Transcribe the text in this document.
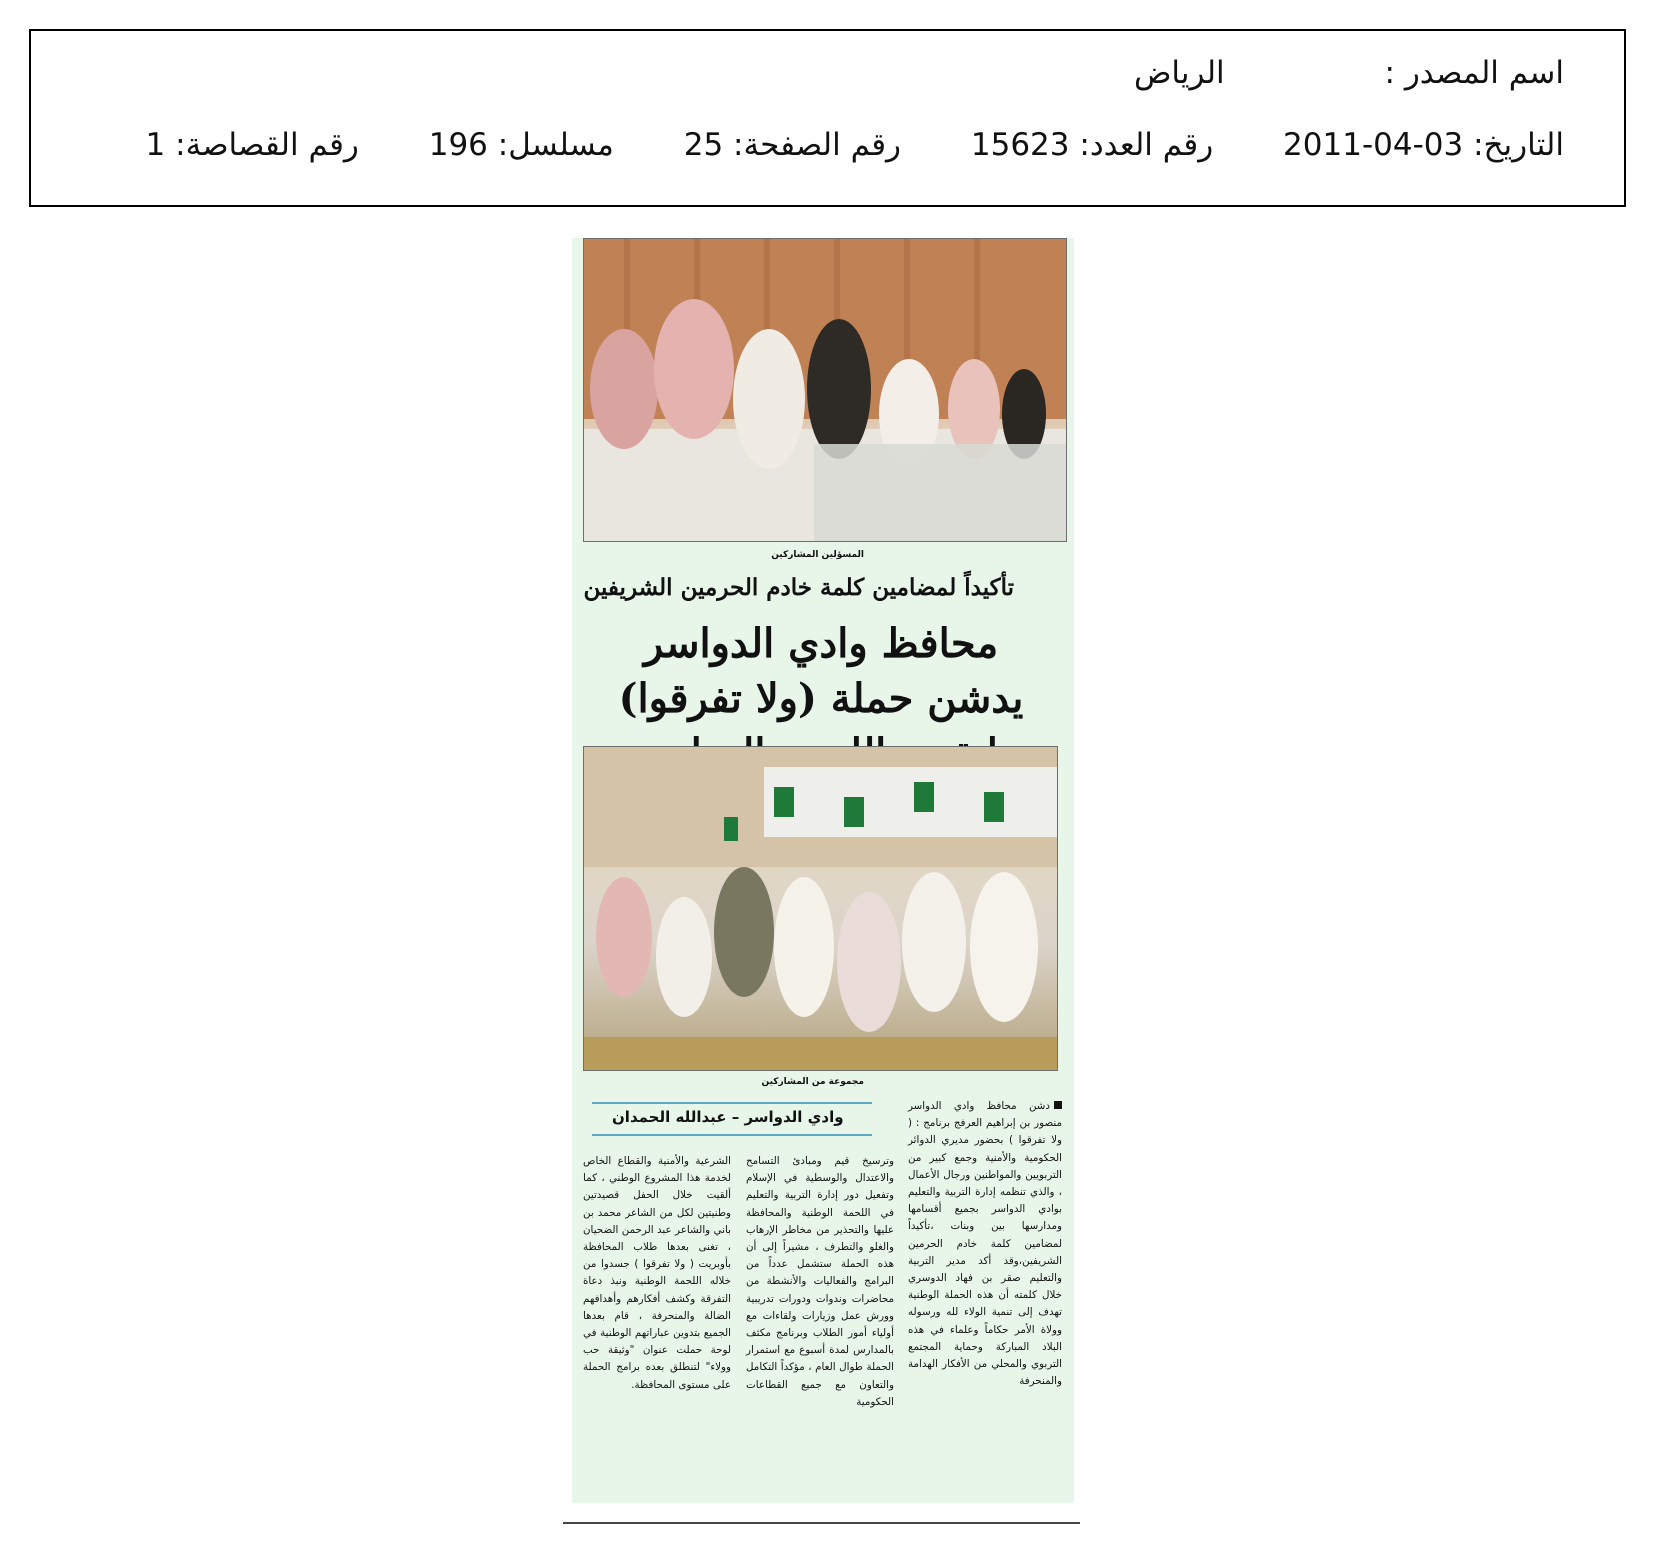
اسم المصدر : الرياض
التاريخ: 2011-04-03 رقم العدد: 15623 رقم الصفحة: 25 مسلسل: 196 رقم القصاصة: 1
المسؤلين المشاركين
تأكيداً لمضامين كلمة خادم الحرمين الشريفين
محافظ وادي الدواسر يدشن حملة (ولا تفرقوا)
مجموعة من المشاركين
وادي الدواسر – عبدالله الحمدان
دشن محافظ وادي الدواسر منصور بن إبراهيم العرفج برنامج : ( ولا تفرقوا ) بحضور مديري الدوائر الحكومية والأمنية وجمع كبير من التربويين والمواطنين ورجال الأعمال ، والذي تنظمه إدارة التربية والتعليم بوادي الدواسر بجميع أقسامها ومدارسها بين وبنات ،تأكيداً لمضامين كلمة خادم الحرمين الشريفين،وقد أكد مدير التربية والتعليم صقر بن فهاد الدوسري خلال كلمته أن هذه الحملة الوطنية تهدف إلى تنمية الولاء لله ورسوله وولاة الأمر حكاماً وعلماء في هذه البلاد المباركة وحماية المجتمع التربوي والمحلي من الأفكار الهدامة والمنحرفة
وترسيخ قيم ومبادئ التسامح والاعتدال والوسطية في الإسلام وتفعيل دور إدارة التربية والتعليم في اللحمة الوطنية والمحافظة عليها والتحذير من مخاطر الإرهاب والغلو والتطرف ، مشيراً إلى أن هذه الحملة ستشمل عدداً من البرامج والفعاليات والأنشطة من محاضرات وندوات ودورات تدريبية وورش عمل وزيارات ولقاءات مع أولياء أمور الطلاب وبرنامج مكثف بالمدارس لمدة أسبوع مع استمرار الحملة طوال العام ، مؤكداً التكامل والتعاون مع جميع القطاعات الحكومية
الشرعية والأمنية والقطاع الخاص لخدمة هذا المشروع الوطني ، كما ألقيت خلال الحفل قصيدتين وطنيتين لكل من الشاعر محمد بن باني والشاعر عبد الرحمن الضحيان ، تغنى بعدها طلاب المحافظة بأوبريت ( ولا تفرقوا ) جسدوا من خلاله اللحمة الوطنية ونبذ دعاة التفرقة وكشف أفكارهم وأهدافهم الضالة والمنحرفة ، قام بعدها الجميع بتدوين عباراتهم الوطنية في لوحة حملت عنوان "وثيقة حب وولاء" لتنطلق بعده برامج الحملة على مستوى المحافظة.
